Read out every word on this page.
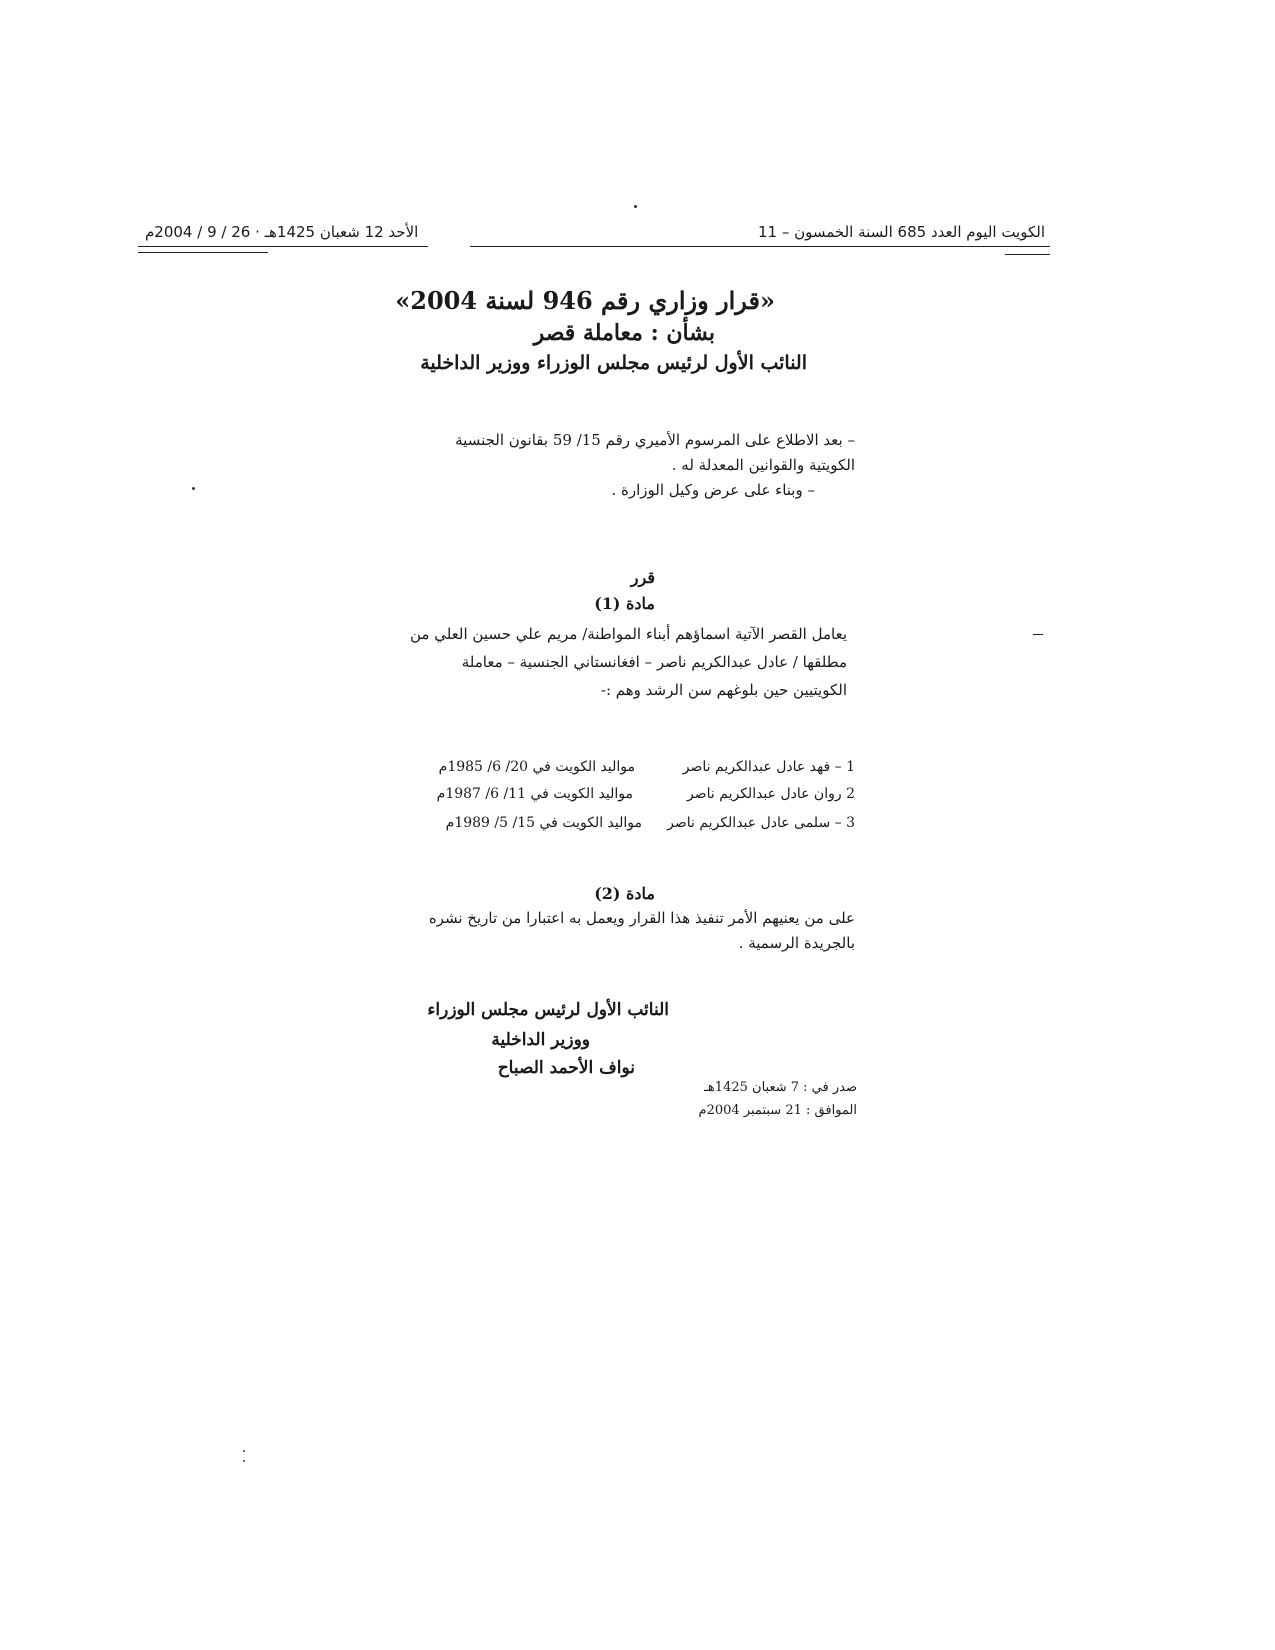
الكويت اليوم العدد 685 السنة الخمسون – 11
الأحد 12 شعبان 1425هـ · 26 / 9 / 2004م
«قرار وزاري رقم 946 لسنة 2004»
بشأن : معاملة قصر
النائب الأول لرئيس مجلس الوزراء ووزير الداخلية
– بعد الاطلاع على المرسوم الأميري رقم 15/ 59 بقانون الجنسية الكويتية والقوانين المعدلة له .
– وبناء على عرض وكيل الوزارة .
قرر
مادة (1)
يعامل القصر الآتية اسماؤهم أبناء المواطنة/ مريم علي حسين العلي من مطلقها / عادل عبدالكريم ناصر – افغانستاني الجنسية – معاملة الكويتيين حين بلوغهم سن الرشد وهم :-
1 – فهد عادل عبدالكريم ناصر
مواليد الكويت في 20/ 6/ 1985م
2 روان عادل عبدالكريم ناصر
مواليد الكويت في 11/ 6/ 1987م
3 – سلمى عادل عبدالكريم ناصر
مواليد الكويت في 15/ 5/ 1989م
مادة (2)
على من يعنيهم الأمر تنفيذ هذا القرار ويعمل به اعتبارا من تاريخ نشره بالجريدة الرسمية .
النائب الأول لرئيس مجلس الوزراء
ووزير الداخلية
نواف الأحمد الصباح
صدر في : 7 شعبان 1425هـ
الموافق : 21 سبتمبر 2004م
